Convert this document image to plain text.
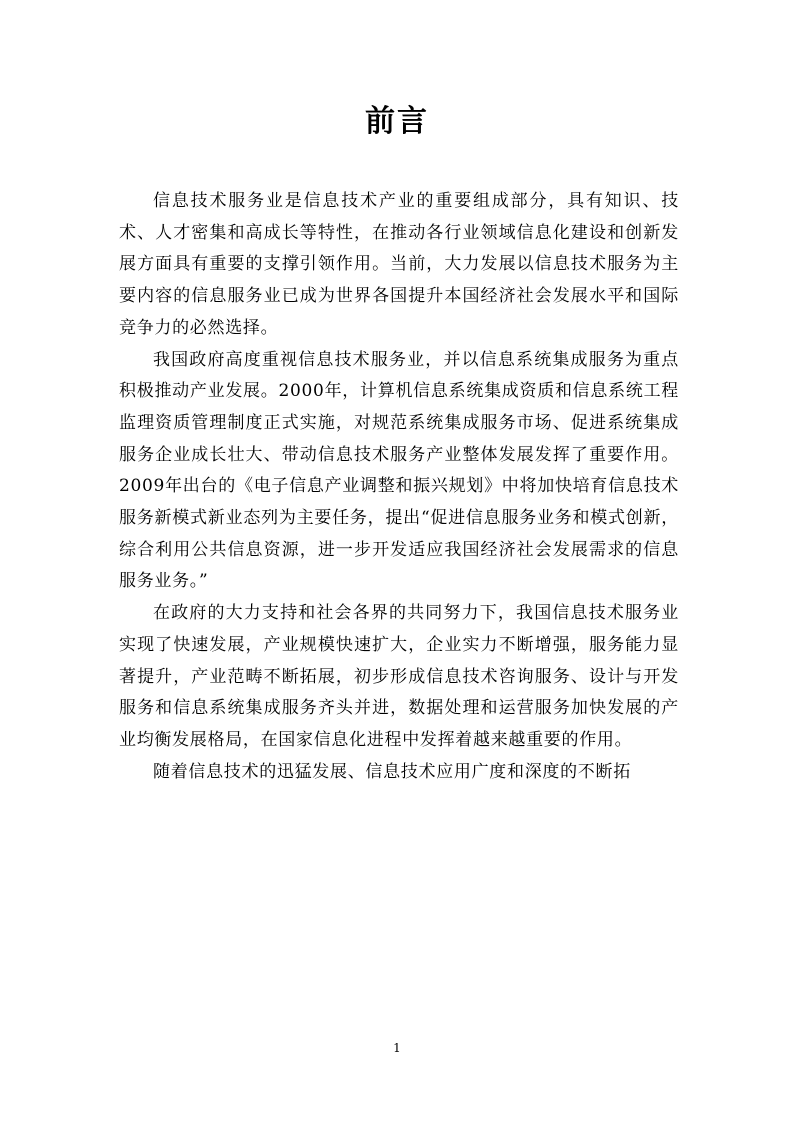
前言

信息技术服务业是信息技术产业的重要组成部分，具有知识、技术、人才密集和高成长等特性，在推动各行业领域信息化建设和创新发展方面具有重要的支撑引领作用。当前，大力发展以信息技术服务为主要内容的信息服务业已成为世界各国提升本国经济社会发展水平和国际竞争力的必然选择。

我国政府高度重视信息技术服务业，并以信息系统集成服务为重点积极推动产业发展。2000年，计算机信息系统集成资质和信息系统工程监理资质管理制度正式实施，对规范系统集成服务市场、促进系统集成服务企业成长壮大、带动信息技术服务产业整体发展发挥了重要作用。2009年出台的《电子信息产业调整和振兴规划》中将加快培育信息技术服务新模式新业态列为主要任务，提出“促进信息服务业务和模式创新，综合利用公共信息资源，进一步开发适应我国经济社会发展需求的信息服务业务。”

在政府的大力支持和社会各界的共同努力下，我国信息技术服务业实现了快速发展，产业规模快速扩大，企业实力不断增强，服务能力显著提升，产业范畴不断拓展，初步形成信息技术咨询服务、设计与开发服务和信息系统集成服务齐头并进，数据处理和运营服务加快发展的产业均衡发展格局，在国家信息化进程中发挥着越来越重要的作用。

随着信息技术的迅猛发展、信息技术应用广度和深度的不断拓

1
